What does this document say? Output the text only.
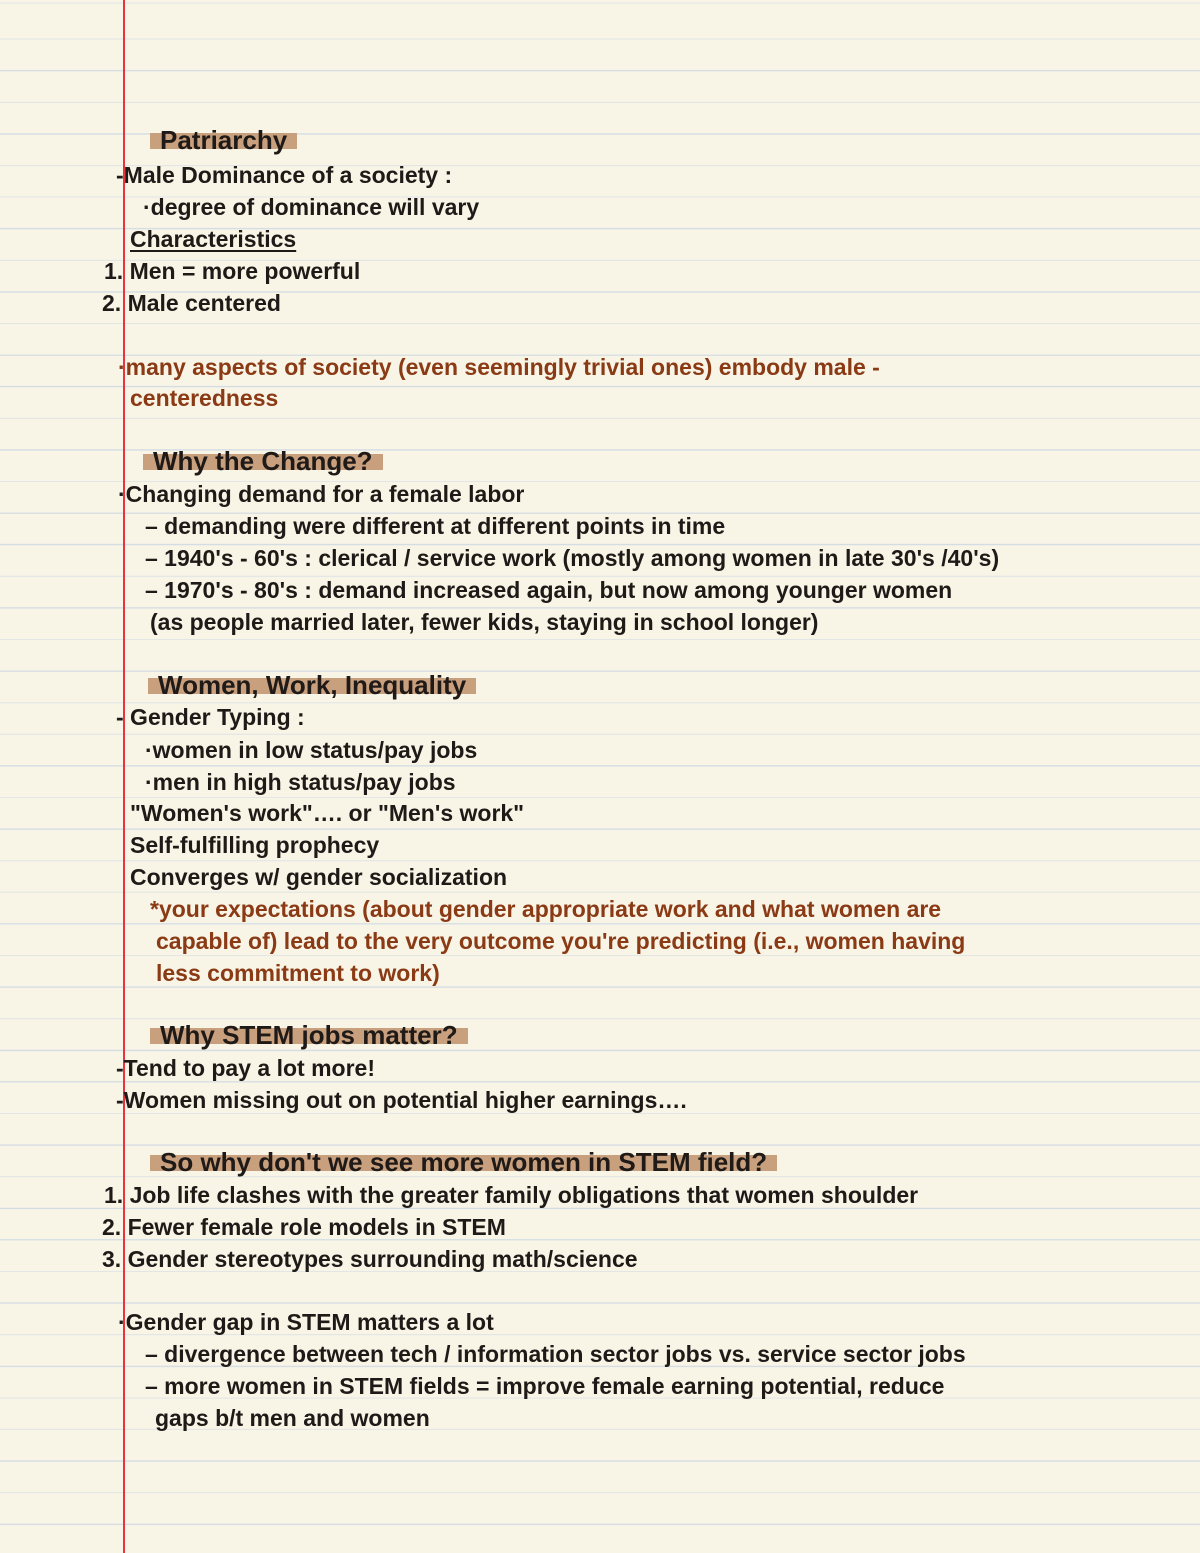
Patriarchy
-Male Dominance of a society :
·degree of dominance will vary
Characteristics
1. Men = more powerful
2. Male centered
·many aspects of society (even seemingly trivial ones) embody male -
centeredness
Why the Change?
·Changing demand for a female labor
– demanding were different at different points in time
– 1940's - 60's : clerical / service work (mostly among women in late 30's /40's)
– 1970's - 80's : demand increased again, but now among younger women
(as people married later, fewer kids, staying in school longer)
Women, Work, Inequality
- Gender Typing :
·women in low status/pay jobs
·men in high status/pay jobs
"Women's work"…. or "Men's work"
Self-fulfilling prophecy
Converges w/ gender socialization
*your expectations (about gender appropriate work and what women are
capable of) lead to the very outcome you're predicting (i.e., women having
less commitment to work)
Why STEM jobs matter?
-Tend to pay a lot more!
-Women missing out on potential higher earnings….
So why don't we see more women in STEM field?
1. Job life clashes with the greater family obligations that women shoulder
2. Fewer female role models in STEM
3. Gender stereotypes surrounding math/science
·Gender gap in STEM matters a lot
– divergence between tech / information sector jobs vs. service sector jobs
– more women in STEM fields = improve female earning potential, reduce
gaps b/t men and women
